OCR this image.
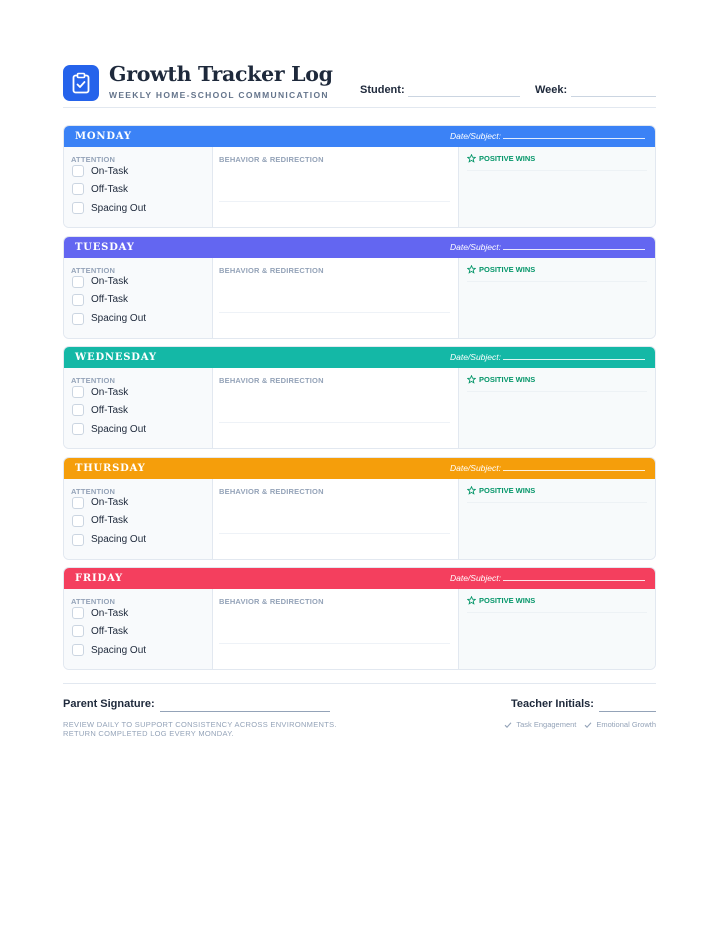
Growth Tracker Log
WEEKLY HOME-SCHOOL COMMUNICATION	Student:	Week:
MONDAY	Date/Subject:
ATTENTION
On-Task
Off-Task
Spacing Out
BEHAVIOR & REDIRECTION	POSITIVE WINS
TUESDAY	Date/Subject:
ATTENTION
On-Task
Off-Task
Spacing Out
BEHAVIOR & REDIRECTION	POSITIVE WINS
WEDNESDAY	Date/Subject:
ATTENTION
On-Task
Off-Task
Spacing Out
BEHAVIOR & REDIRECTION	POSITIVE WINS
THURSDAY	Date/Subject:
ATTENTION
On-Task
Off-Task
Spacing Out
BEHAVIOR & REDIRECTION	POSITIVE WINS
FRIDAY	Date/Subject:
ATTENTION
On-Task
Off-Task
Spacing Out
BEHAVIOR & REDIRECTION	POSITIVE WINS
Parent Signature:	Teacher Initials:
REVIEW DAILY TO SUPPORT CONSISTENCY ACROSS ENVIRONMENTS.
RETURN COMPLETED LOG EVERY MONDAY.
Task Engagement	Emotional Growth
